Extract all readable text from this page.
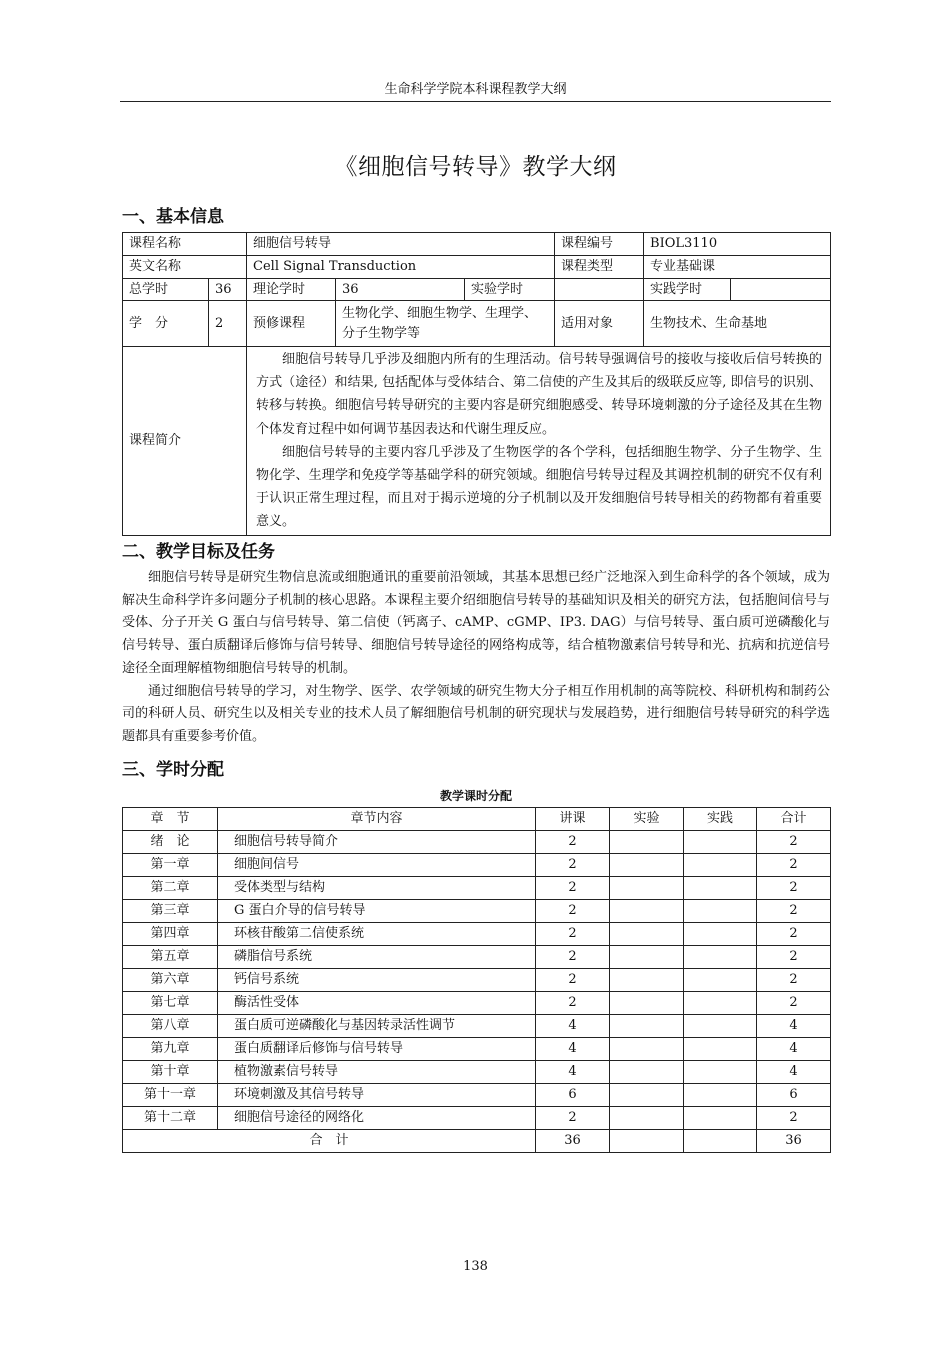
生命科学学院本科课程教学大纲
《细胞信号转导》教学大纲
一、基本信息
课程名称		细胞信号转导			课程编号	BIOL3110	
英文名称		Cell Signal Transduction			课程类型	专业基础课	
总学时	36	理论学时	36	实验学时		实践学时	
学　分	2	预修课程	生物化学、细胞生物学、生理学、分子生物学等		适用对象	生物技术、生命基地	
课程简介		细胞信号转导几乎涉及细胞内所有的生理活动。信号转导强调信号的接收与接收后信号转换的方式（途径）和结果, 包括配体与受体结合、第二信使的产生及其后的级联反应等, 即信号的识别、转移与转换。细胞信号转导研究的主要内容是研究细胞感受、转导环境刺激的分子途径及其在生物个体发育过程中如何调节基因表达和代谢生理反应。

细胞信号转导的主要内容几乎涉及了生物医学的各个学科，包括细胞生物学、分子生物学、生物化学、生理学和免疫学等基础学科的研究领域。细胞信号转导过程及其调控机制的研究不仅有利于认识正常生理过程，而且对于揭示逆境的分子机制以及开发细胞信号转导相关的药物都有着重要意义。					

二、教学目标及任务

细胞信号转导是研究生物信息流或细胞通讯的重要前沿领域，其基本思想已经广泛地深入到生命科学的各个领域，成为解决生命科学许多问题分子机制的核心思路。本课程主要介绍细胞信号转导的基础知识及相关的研究方法，包括胞间信号与受体、分子开关 G 蛋白与信号转导、第二信使（钙离子、cAMP、cGMP、IP3. DAG）与信号转导、蛋白质可逆磷酸化与信号转导、蛋白质翻译后修饰与信号转导、细胞信号转导途径的网络构成等，结合植物激素信号转导和光、抗病和抗逆信号途径全面理解植物细胞信号转导的机制。

通过细胞信号转导的学习，对生物学、医学、农学领域的研究生物大分子相互作用机制的高等院校、科研机构和制药公司的科研人员、研究生以及相关专业的技术人员了解细胞信号机制的研究现状与发展趋势，进行细胞信号转导研究的科学选题都具有重要参考价值。

三、学时分配
教学课时分配
章　节	章节内容	讲课	实验	实践	合计
绪　论	细胞信号转导简介	2			2
第一章	细胞间信号	2			2
第二章	受体类型与结构	2			2
第三章	G 蛋白介导的信号转导	2			2
第四章	环核苷酸第二信使系统	2			2
第五章	磷脂信号系统	2			2
第六章	钙信号系统	2			2
第七章	酶活性受体	2			2
第八章	蛋白质可逆磷酸化与基因转录活性调节	4			4
第九章	蛋白质翻译后修饰与信号转导	4			4
第十章	植物激素信号转导	4			4
第十一章	环境刺激及其信号转导	6			6
第十二章	细胞信号途径的网络化	2			2
合　计		36			36
138
